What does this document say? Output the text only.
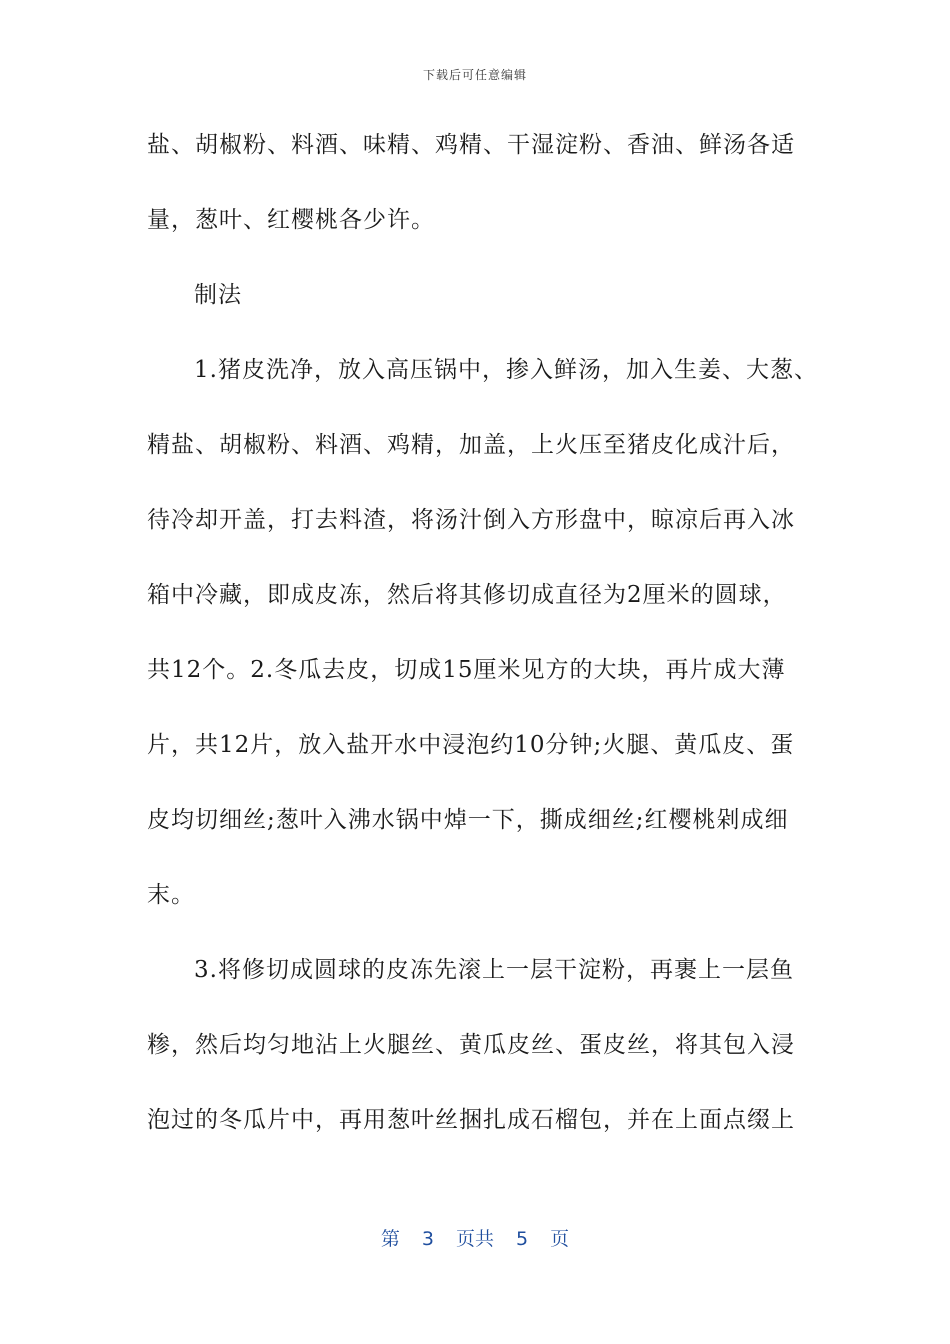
下载后可任意编辑
盐、胡椒粉、料酒、味精、鸡精、干湿淀粉、香油、鲜汤各适
量，葱叶、红樱桃各少许。
制法
1.猪皮洗净，放入高压锅中，掺入鲜汤，加入生姜、大葱、
精盐、胡椒粉、料酒、鸡精，加盖，上火压至猪皮化成汁后，
待冷却开盖，打去料渣，将汤汁倒入方形盘中，晾凉后再入冰
箱中冷藏，即成皮冻，然后将其修切成直径为2厘米的圆球，
共12个。2.冬瓜去皮，切成15厘米见方的大块，再片成大薄
片，共12片，放入盐开水中浸泡约10分钟;火腿、黄瓜皮、蛋
皮均切细丝;葱叶入沸水锅中焯一下，撕成细丝;红樱桃剁成细
末。
3.将修切成圆球的皮冻先滚上一层干淀粉，再裹上一层鱼
糁，然后均匀地沾上火腿丝、黄瓜皮丝、蛋皮丝，将其包入浸
泡过的冬瓜片中，再用葱叶丝捆扎成石榴包，并在上面点缀上
第 3 页共 5 页
